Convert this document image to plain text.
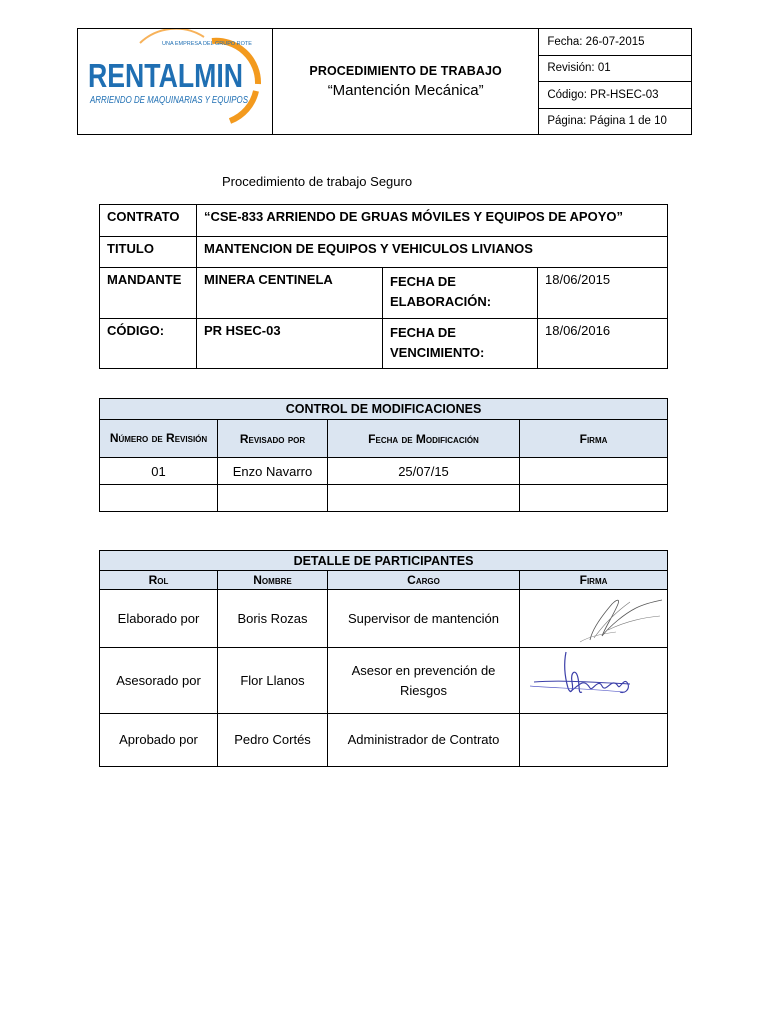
UNA EMPRESA DEL GRUPO ROTE
RENTALMIN
ARRIENDO DE MAQUINARIAS Y EQUIPOS

PROCEDIMIENTO DE TRABAJO
“Mantención Mecánica”
	Fecha: 26-07-2015
Revisión: 01
Código: PR-HSEC-03
Página: Página 1 de 10
Procedimiento de trabajo Seguro
CONTRATO	“CSE-833 ARRIENDO DE GRUAS MÓVILES Y EQUIPOS DE APOYO”		
TITULO	MANTENCION DE EQUIPOS Y VEHICULOS LIVIANOS		
MANDANTE	MINERA CENTINELA	FECHA DE ELABORACIÓN:	18/06/2015
CÓDIGO:	PR HSEC-03	FECHA DE VENCIMIENTO:	18/06/2016
CONTROL DE MODIFICACIONES			
Número de Revisión	Revisado por	Fecha de Modificación	Firma
01	Enzo Navarro	25/07/15	

DETALLE DE PARTICIPANTES			
Rol	Nombre	Cargo	Firma
Elaborado por	Boris Rozas	Supervisor de mantención	
Asesorado por	Flor Llanos	Asesor en prevención de Riesgos	
Aprobado por	Pedro Cortés	Administrador de Contrato	
